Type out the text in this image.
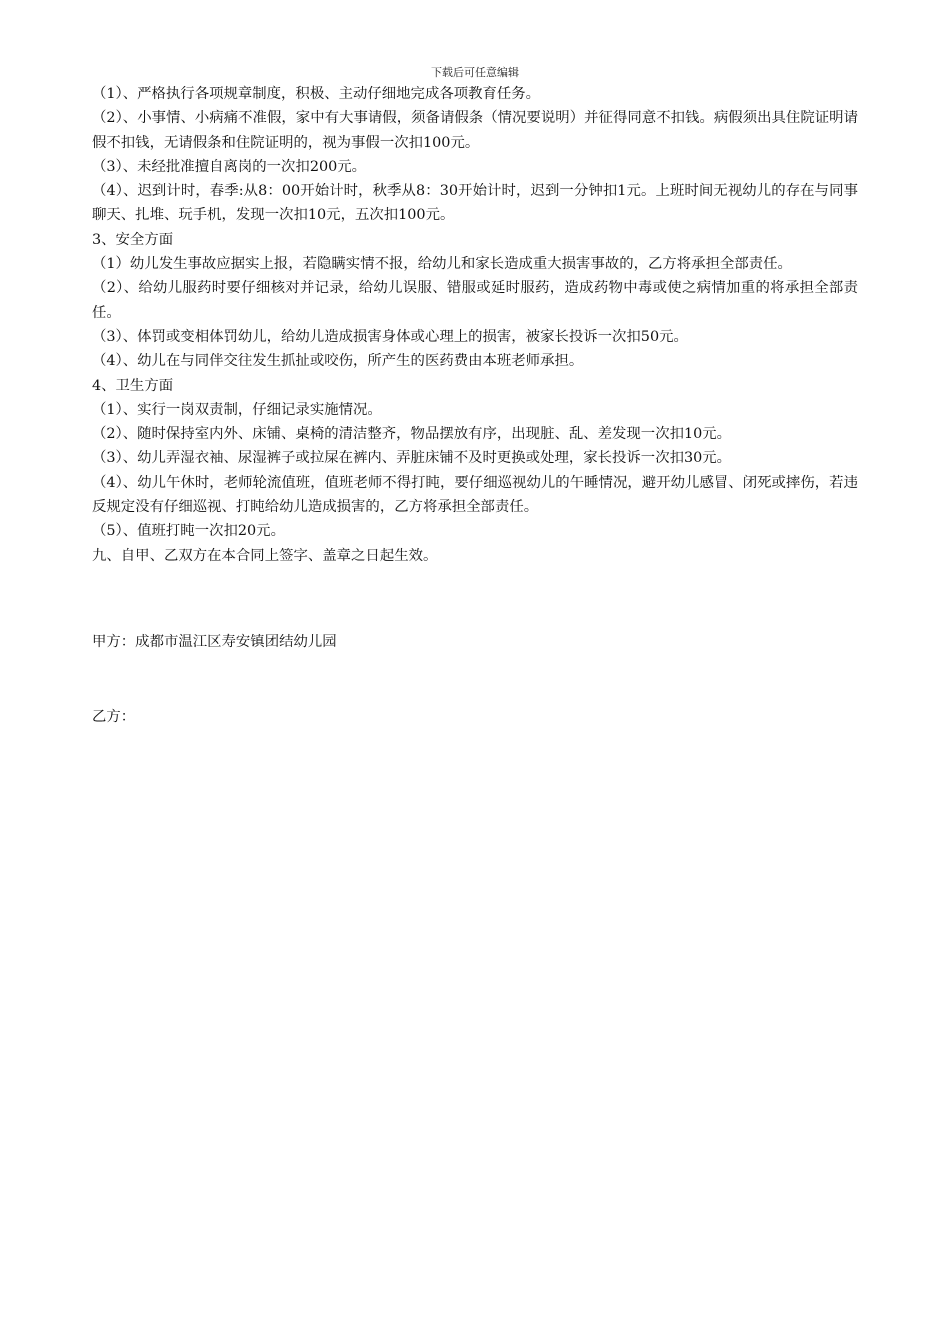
下载后可任意编辑

（1）、严格执行各项规章制度，积极、主动仔细地完成各项教育任务。

（2）、小事情、小病痛不准假，家中有大事请假，须备请假条（情况要说明）并征得同意不扣钱。病假须出具住院证明请假不扣钱，无请假条和住院证明的，视为事假一次扣100元。

（3）、未经批准擅自离岗的一次扣200元。

（4）、迟到计时，春季:从8：00开始计时，秋季从8：30开始计时，迟到一分钟扣1元。上班时间无视幼儿的存在与同事聊天、扎堆、玩手机，发现一次扣10元，五次扣100元。

3、安全方面

（1）幼儿发生事故应据实上报，若隐瞒实情不报，给幼儿和家长造成重大损害事故的，乙方将承担全部责任。

（2）、给幼儿服药时要仔细核对并记录，给幼儿误服、错服或延时服药，造成药物中毒或使之病情加重的将承担全部责任。

（3）、体罚或变相体罚幼儿，给幼儿造成损害身体或心理上的损害，被家长投诉一次扣50元。

（4）、幼儿在与同伴交往发生抓扯或咬伤，所产生的医药费由本班老师承担。

4、卫生方面

（1）、实行一岗双责制，仔细记录实施情况。

（2）、随时保持室内外、床铺、桌椅的清洁整齐，物品摆放有序，出现脏、乱、差发现一次扣10元。

（3）、幼儿弄湿衣袖、尿湿裤子或拉屎在裤内、弄脏床铺不及时更换或处理，家长投诉一次扣30元。

（4）、幼儿午休时，老师轮流值班，值班老师不得打盹，要仔细巡视幼儿的午睡情况，避开幼儿感冒、闭死或摔伤，若违反规定没有仔细巡视、打盹给幼儿造成损害的，乙方将承担全部责任。

（5）、值班打盹一次扣20元。

九、自甲、乙双方在本合同上签字、盖章之日起生效。

甲方：成都市温江区寿安镇团结幼儿园
乙方：
